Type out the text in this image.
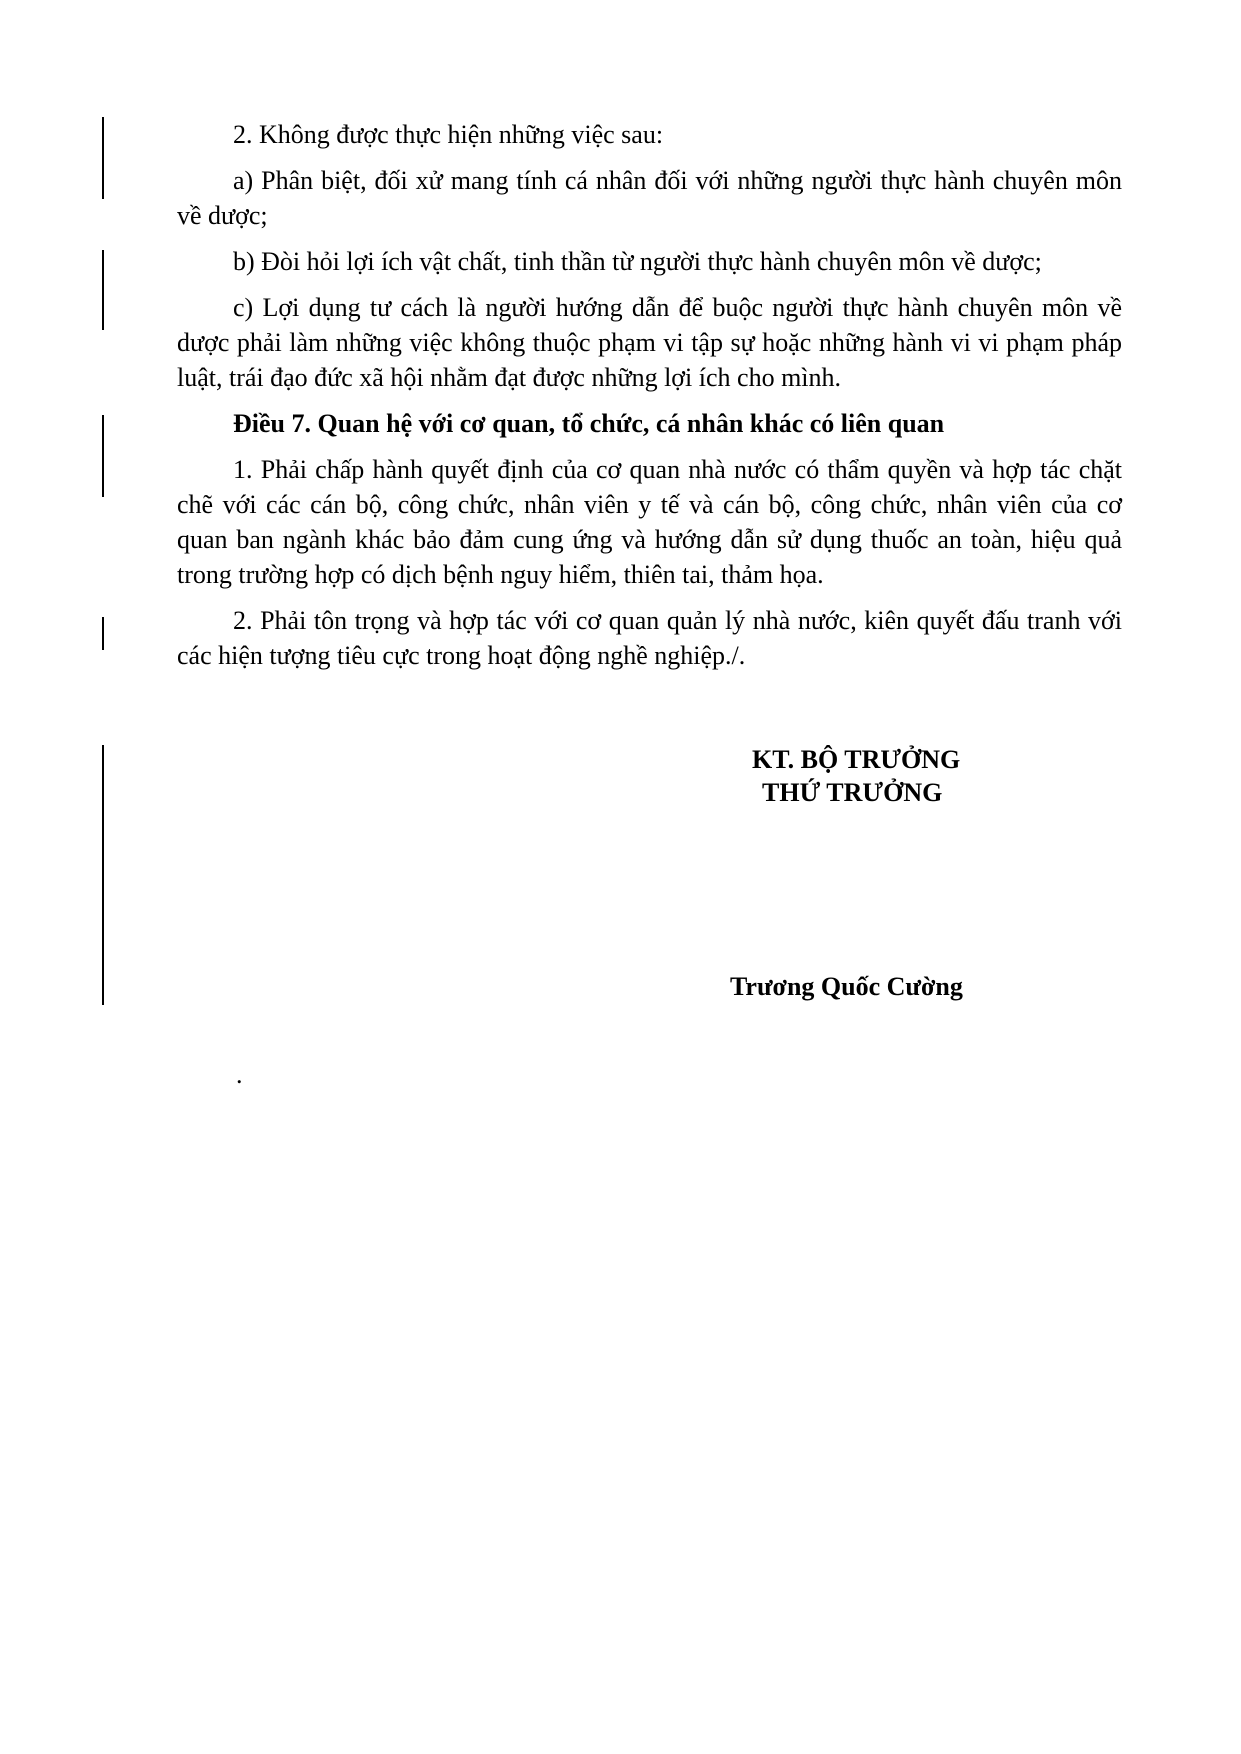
2. Không được thực hiện những việc sau:

a) Phân biệt, đối xử mang tính cá nhân đối với những người thực hành chuyên môn về dược;

b) Đòi hỏi lợi ích vật chất, tinh thần từ người thực hành chuyên môn về dược;

c) Lợi dụng tư cách là người hướng dẫn để buộc người thực hành chuyên môn về dược phải làm những việc không thuộc phạm vi tập sự hoặc những hành vi vi phạm pháp luật, trái đạo đức xã hội nhằm đạt được những lợi ích cho mình.

Điều 7. Quan hệ với cơ quan, tổ chức, cá nhân khác có liên quan

1. Phải chấp hành quyết định của cơ quan nhà nước có thẩm quyền và hợp tác chặt chẽ với các cán bộ, công chức, nhân viên y tế và cán bộ, công chức, nhân viên của cơ quan ban ngành khác bảo đảm cung ứng và hướng dẫn sử dụng thuốc an toàn, hiệu quả trong trường hợp có dịch bệnh nguy hiểm, thiên tai, thảm họa.

2. Phải tôn trọng và hợp tác với cơ quan quản lý nhà nước, kiên quyết đấu tranh với các hiện tượng tiêu cực trong hoạt động nghề nghiệp./.

KT. BỘ TRƯỞNG
THỨ TRƯỞNG
Trương Quốc Cường
.
